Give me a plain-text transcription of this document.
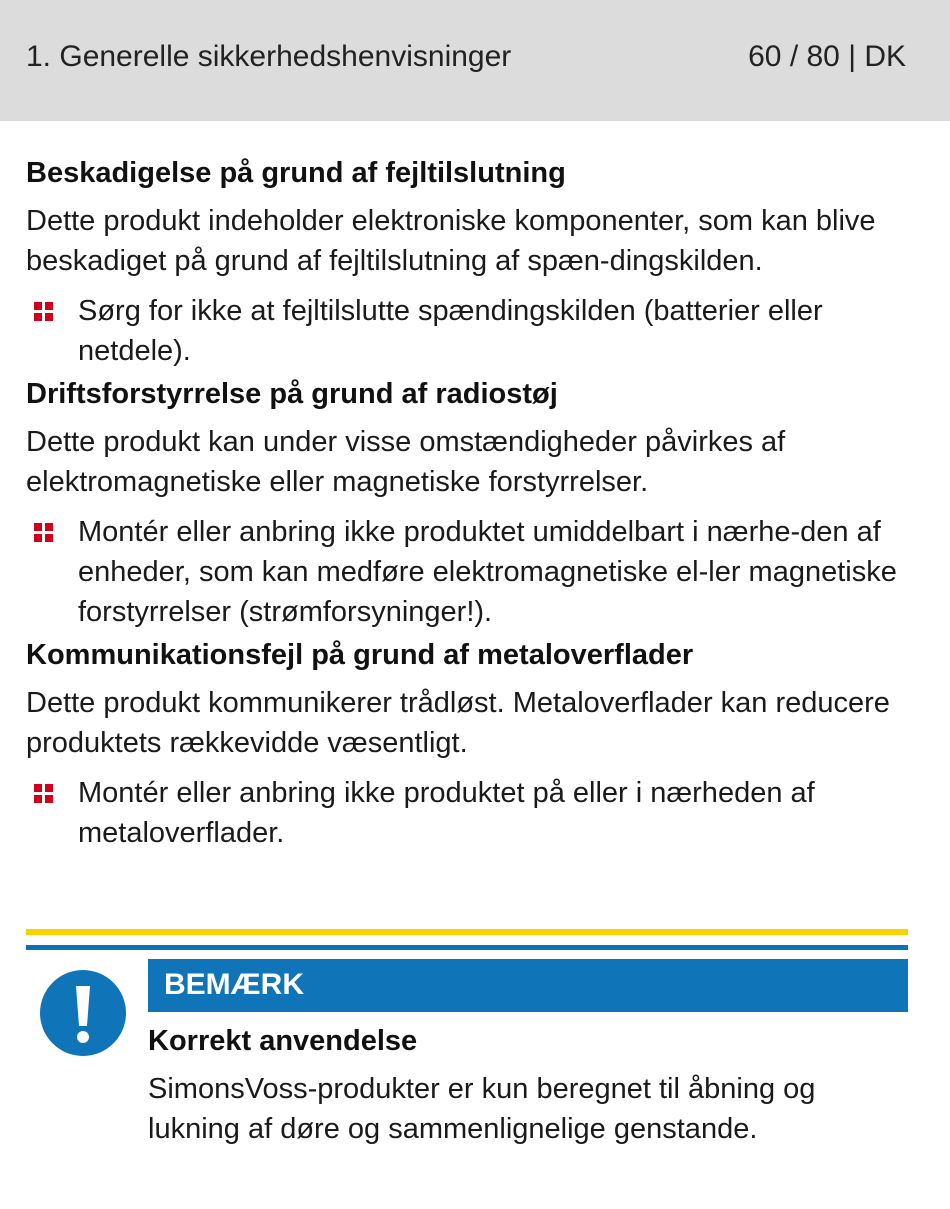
1. Generelle sikkerhedshenvisninger	60 / 80 | DK
Beskadigelse på grund af fejltilslutning
Dette produkt indeholder elektroniske komponenter, som kan blive beskadiget på grund af fejltilslutning af spæn-dingskilden.
Sørg for ikke at fejltilslutte spændingskilden (batterier eller netdele).
Driftsforstyrrelse på grund af radiostøj
Dette produkt kan under visse omstændigheder påvirkes af elektromagnetiske eller magnetiske forstyrrelser.
Montér eller anbring ikke produktet umiddelbart i nærhe-den af enheder, som kan medføre elektromagnetiske el-ler magnetiske forstyrrelser (strømforsyninger!).
Kommunikationsfejl på grund af metaloverflader
Dette produkt kommunikerer trådløst. Metaloverflader kan reducere produktets rækkevidde væsentligt.
Montér eller anbring ikke produktet på eller i nærheden af metaloverflader.
BEMÆRK
Korrekt anvendelse
SimonsVoss-produkter er kun beregnet til åbning og lukning af døre og sammenlignelige genstande.
